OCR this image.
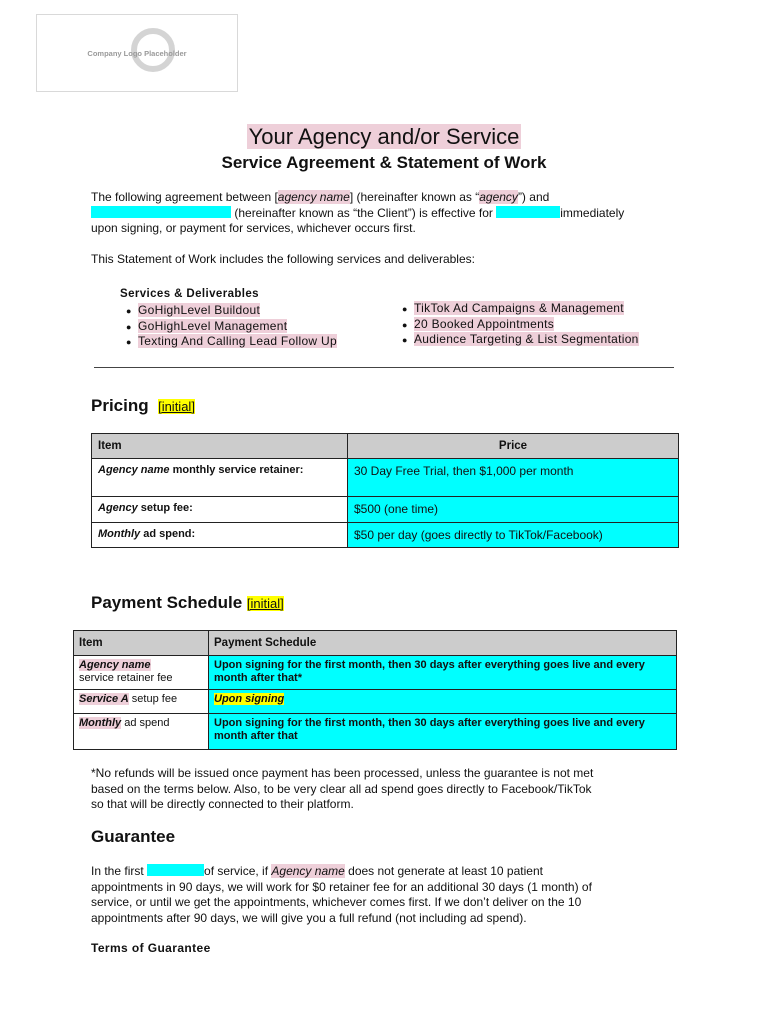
Company Logo Placeholder
Your Agency and/or Service
Service Agreement & Statement of Work
The following agreement between [agency name] (hereinafter known as “agency”) and
(hereinafter known as “the Client”) is effective for	immediately
upon signing, or payment for services, whichever occurs first.
This Statement of Work includes the following services and deliverables:
Services & Deliverables
● GoHighLevel Buildout
● GoHighLevel Management
● Texting And Calling Lead Follow Up
● TikTok Ad Campaigns & Management
● 20 Booked Appointments
● Audience Targeting & List Segmentation
Pricing [initial]
Item	Price
Agency name monthly service retainer:	30 Day Free Trial, then $1,000 per month
Agency setup fee:	$500 (one time)
Monthly ad spend:	$50 per day (goes directly to TikTok/Facebook)
Payment Schedule [initial]
Item	Payment Schedule
Agency name
service retainer fee	Upon signing for the first month, then 30 days after everything goes live and every month after that*
Service A setup fee	Upon signing
Monthly ad spend	Upon signing for the first month, then 30 days after everything goes live and every month after that
*No refunds will be issued once payment has been processed, unless the guarantee is not met
based on the terms below. Also, to be very clear all ad spend goes directly to Facebook/TikTok
so that will be directly connected to their platform.
Guarantee
In the first	of service, if Agency name does not generate at least 10 patient
appointments in 90 days, we will work for $0 retainer fee for an additional 30 days (1 month) of
service, or until we get the appointments, whichever comes first. If we don’t deliver on the 10
appointments after 90 days, we will give you a full refund (not including ad spend).
Terms of Guarantee
